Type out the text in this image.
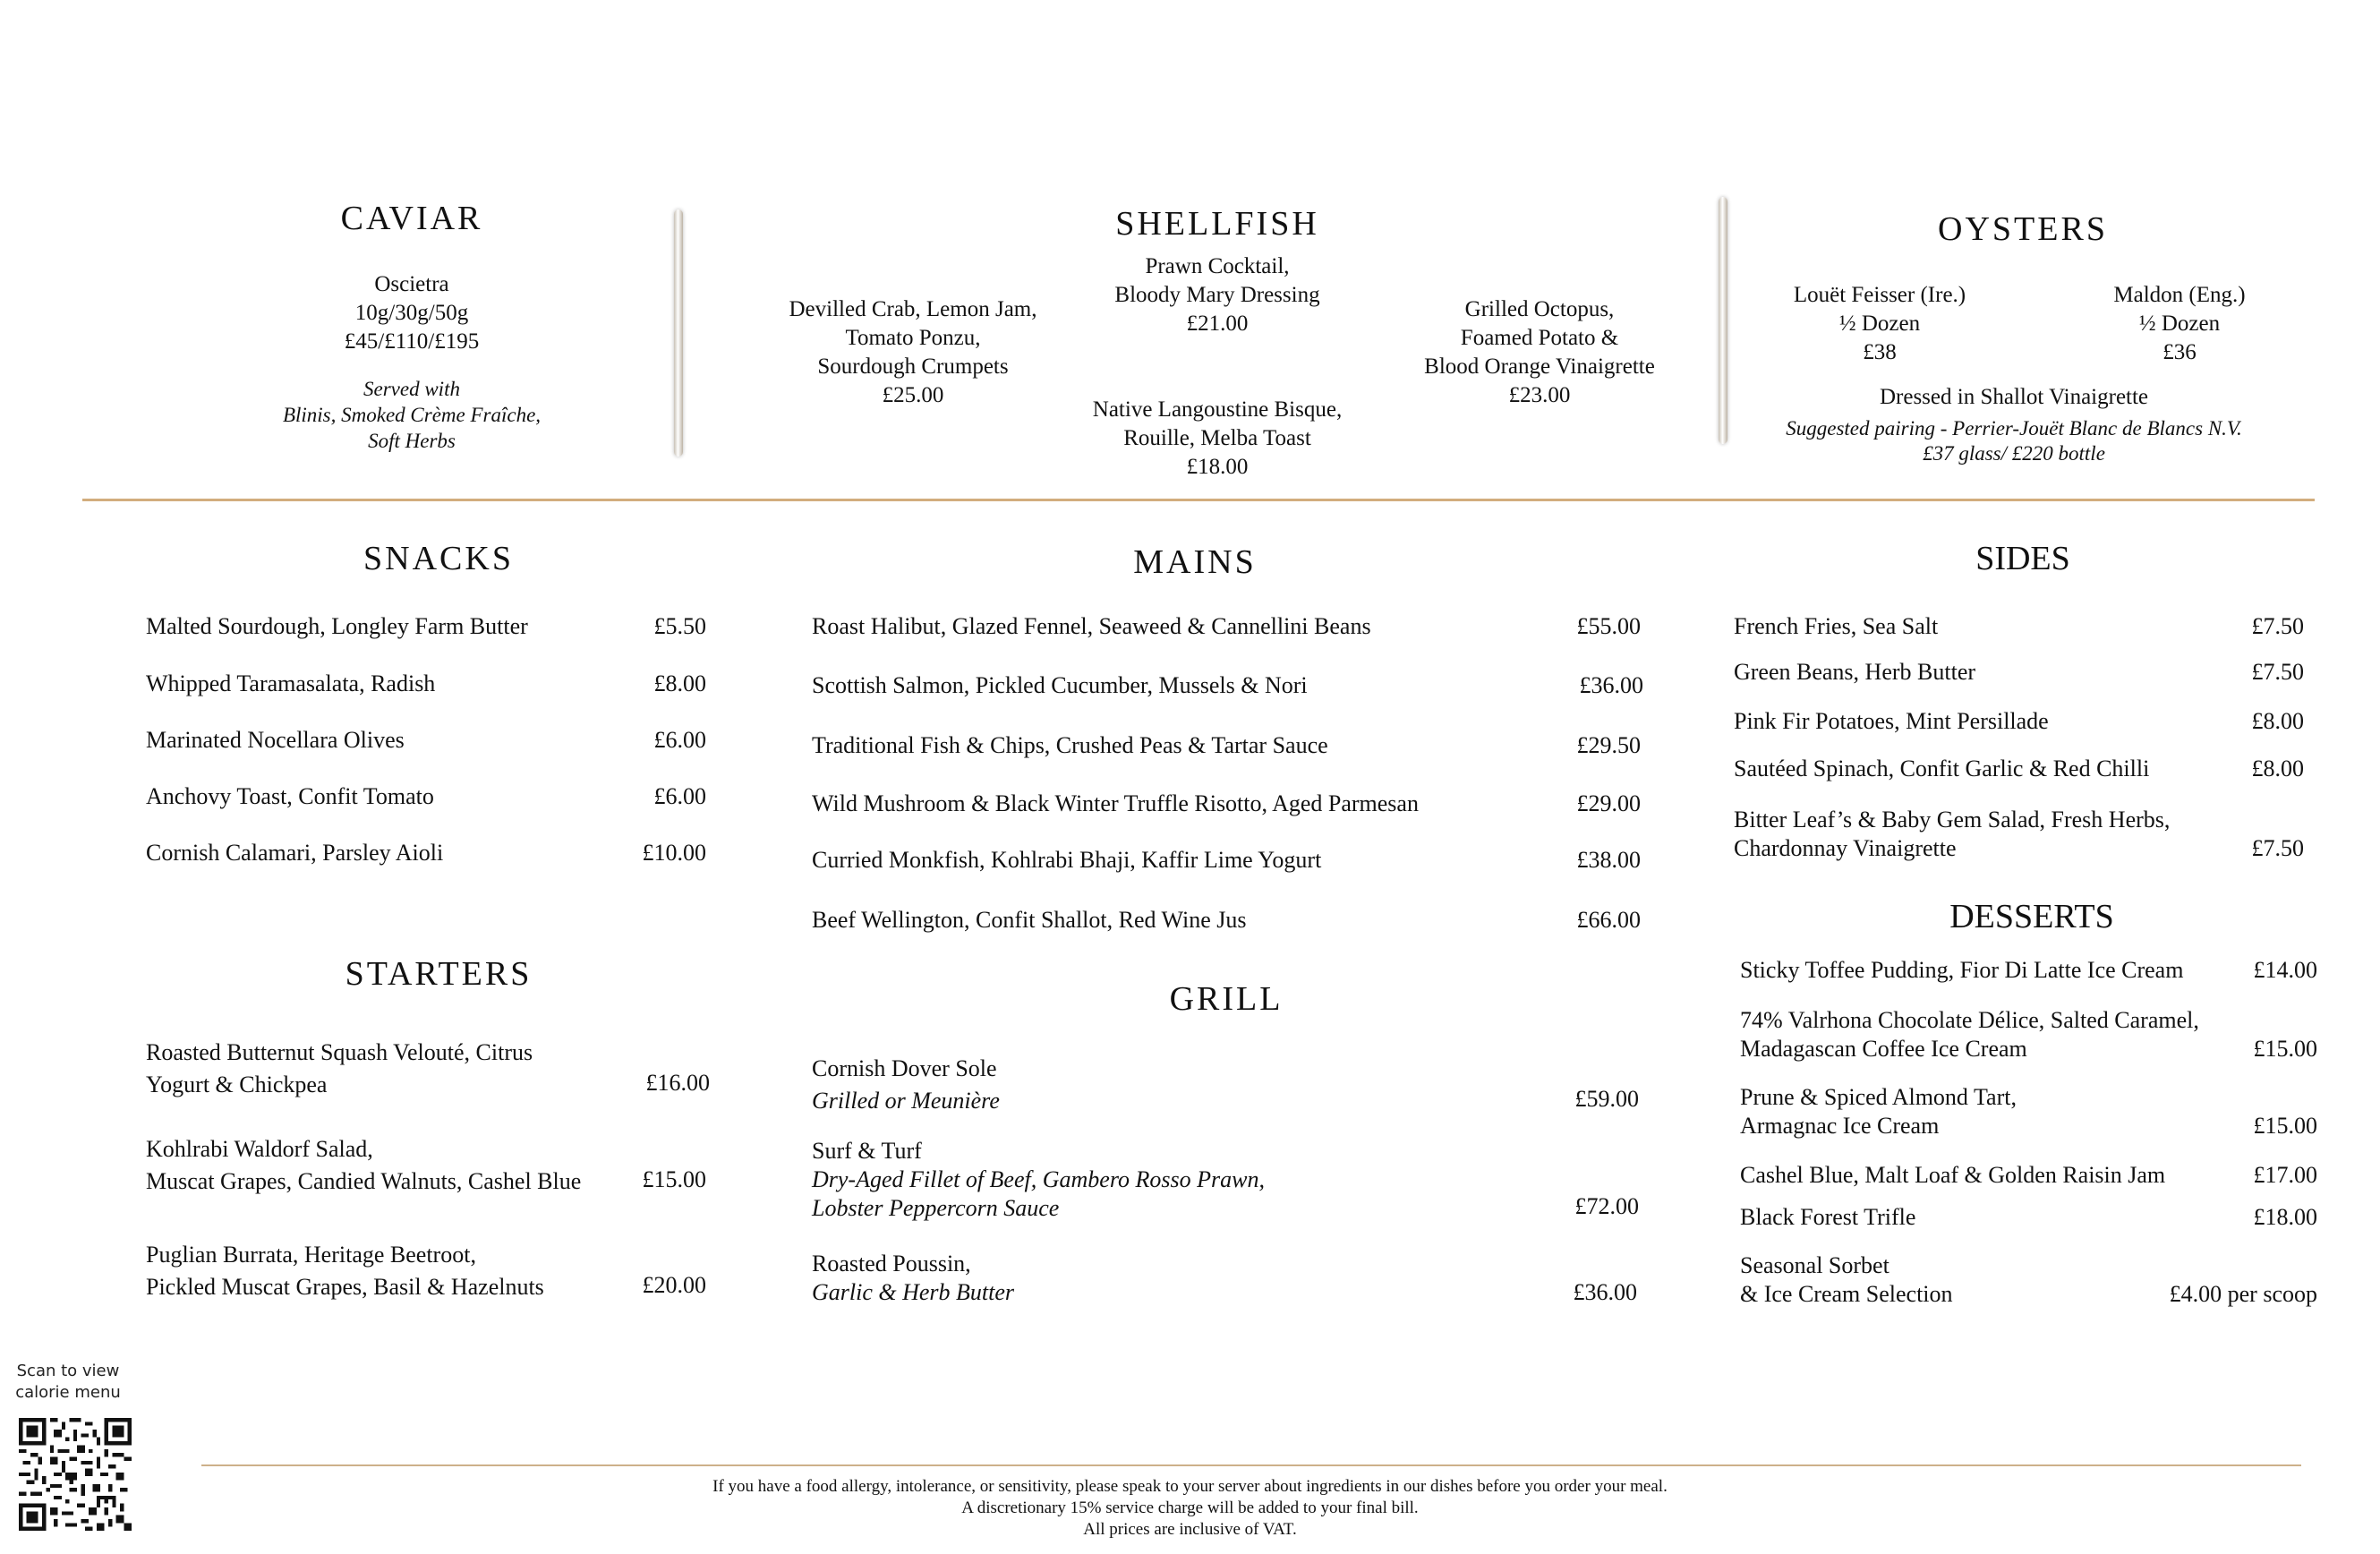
CAVIAR
Oscietra
10g/30g/50g
£45/£110/£195
Served with
Blinis, Smoked Crème Fraîche,
Soft Herbs
SHELLFISH
Devilled Crab, Lemon Jam,
Tomato Ponzu,
Sourdough Crumpets
£25.00
Prawn Cocktail,
Bloody Mary Dressing
£21.00
Native Langoustine Bisque,
Rouille, Melba Toast
£18.00
Grilled Octopus,
Foamed Potato &
Blood Orange Vinaigrette
£23.00
OYSTERS
Louët Feisser (Ire.)
½ Dozen
£38
Maldon (Eng.)
½ Dozen
£36
Dressed in Shallot Vinaigrette
Suggested pairing - Perrier-Jouët Blanc de Blancs N.V.
£37 glass/ £220 bottle
SNACKS
Malted Sourdough, Longley Farm Butter	£5.50
Whipped Taramasalata, Radish	£8.00
Marinated Nocellara Olives	£6.00
Anchovy Toast, Confit Tomato	£6.00
Cornish Calamari, Parsley Aioli	£10.00
STARTERS
Roasted Butternut Squash Velouté, Citrus
Yogurt & Chickpea	£16.00
Kohlrabi Waldorf Salad,
Muscat Grapes, Candied Walnuts, Cashel Blue	£15.00
Puglian Burrata, Heritage Beetroot,
Pickled Muscat Grapes, Basil & Hazelnuts	£20.00
MAINS
Roast Halibut, Glazed Fennel, Seaweed & Cannellini Beans	£55.00
Scottish Salmon, Pickled Cucumber, Mussels & Nori	£36.00
Traditional Fish & Chips, Crushed Peas & Tartar Sauce	£29.50
Wild Mushroom & Black Winter Truffle Risotto, Aged Parmesan	£29.00
Curried Monkfish, Kohlrabi Bhaji, Kaffir Lime Yogurt	£38.00
Beef Wellington, Confit Shallot, Red Wine Jus	£66.00
GRILL
Cornish Dover Sole
Grilled or Meunière	£59.00
Surf & Turf
Dry-Aged Fillet of Beef, Gambero Rosso Prawn,
Lobster Peppercorn Sauce	£72.00
Roasted Poussin,
Garlic & Herb Butter	£36.00
SIDES
French Fries, Sea Salt	£7.50
Green Beans, Herb Butter	£7.50
Pink Fir Potatoes, Mint Persillade	£8.00
Sautéed Spinach, Confit Garlic & Red Chilli	£8.00
Bitter Leaf’s & Baby Gem Salad, Fresh Herbs,
Chardonnay Vinaigrette	£7.50
DESSERTS
Sticky Toffee Pudding, Fior Di Latte Ice Cream	£14.00
74% Valrhona Chocolate Délice, Salted Caramel,
Madagascan Coffee Ice Cream	£15.00
Prune & Spiced Almond Tart,
Armagnac Ice Cream	£15.00
Cashel Blue, Malt Loaf & Golden Raisin Jam	£17.00
Black Forest Trifle	£18.00
Seasonal Sorbet
& Ice Cream Selection	£4.00 per scoop
Scan to view
calorie menu
If you have a food allergy, intolerance, or sensitivity, please speak to your server about ingredients in our dishes before you order your meal.
A discretionary 15% service charge will be added to your final bill.
All prices are inclusive of VAT.
